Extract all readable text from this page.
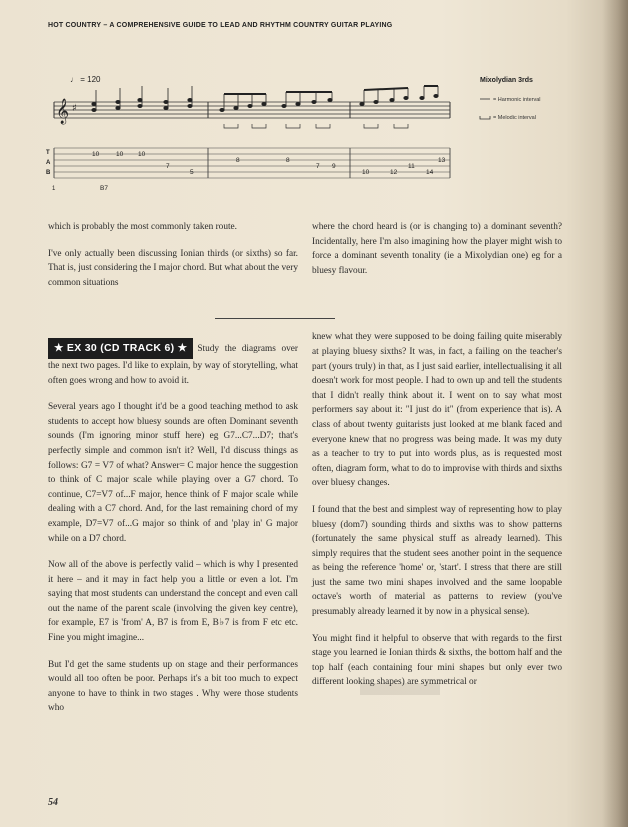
HOT COUNTRY – A COMPREHENSIVE GUIDE TO LEAD AND RHYTHM COUNTRY GUITAR PLAYING
𝄞 ♯
♩ = 120	Mixolydian 3rds
= Harmonic interval
= Melodic interval
T
A
B
10	10 10
7
5
8	8
7 9
10	12
11
14
13
1	B7

which is probably the most commonly taken route.

I've only actually been discussing Ionian thirds (or sixths) so far. That is, just considering the I major chord. But what about the very common situations

★ EX 30 (CD TRACK 6) ★ Study the diagrams over the next two pages. I'd like to explain, by way of storytelling, what often goes wrong and how to avoid it.

Several years ago I thought it'd be a good teaching method to ask students to accept how bluesy sounds are often Dominant seventh sounds (I'm ignoring minor stuff here) eg G7...C7...D7; that's perfectly simple and common isn't it? Well, I'd discuss things as follows: G7 = V7 of what? Answer= C major hence the suggestion to think of C major scale while playing over a G7 chord. To continue, C7=V7 of...F major, hence think of F major scale while dealing with a C7 chord. And, for the last remaining chord of my example, D7=V7 of...G major so think of and 'play in' G major while on a D7 chord.

Now all of the above is perfectly valid – which is why I presented it here – and it may in fact help you a little or even a lot. I'm saying that most students can understand the concept and even call out the name of the parent scale (involving the given key centre), for example, E7 is 'from' A, B7 is from E, B♭7 is from F etc etc. Fine you might imagine...

But I'd get the same students up on stage and their performances would all too often be poor. Perhaps it's a bit too much to expect anyone to have to think in two stages . Why were those students who

where the chord heard is (or is changing to) a dominant seventh? Incidentally, here I'm also imagining how the player might wish to force a dominant seventh tonality (ie a Mixolydian one) eg for a bluesy flavour.

knew what they were supposed to be doing failing quite miserably at playing bluesy sixths? It was, in fact, a failing on the teacher's part (yours truly) in that, as I just said earlier, intellectualising it all doesn't work for most people. I had to own up and tell the students that I didn't really think about it. I went on to say what most performers say about it: "I just do it" (from experience that is). A class of about twenty guitarists just looked at me blank faced and everyone knew that no progress was being made. It was my duty as a teacher to try to put into words plus, as is requested most often, diagram form, what to do to improvise with thirds and sixths over bluesy changes.

I found that the best and simplest way of representing how to play bluesy (dom7) sounding thirds and sixths was to show patterns (fortunately the same physical stuff as already learned). This simply requires that the student sees another point in the sequence as being the reference 'home' or, 'start'. I stress that there are still just the same two mini shapes involved and the same loopable octave's worth of material as patterns to review (you've presumably already learned it by now in a physical sense).

You might find it helpful to observe that with regards to the first stage you learned ie Ionian thirds & sixths, the bottom half and the top half (each containing four mini shapes but only ever two different looking shapes) are symmetrical or

54
